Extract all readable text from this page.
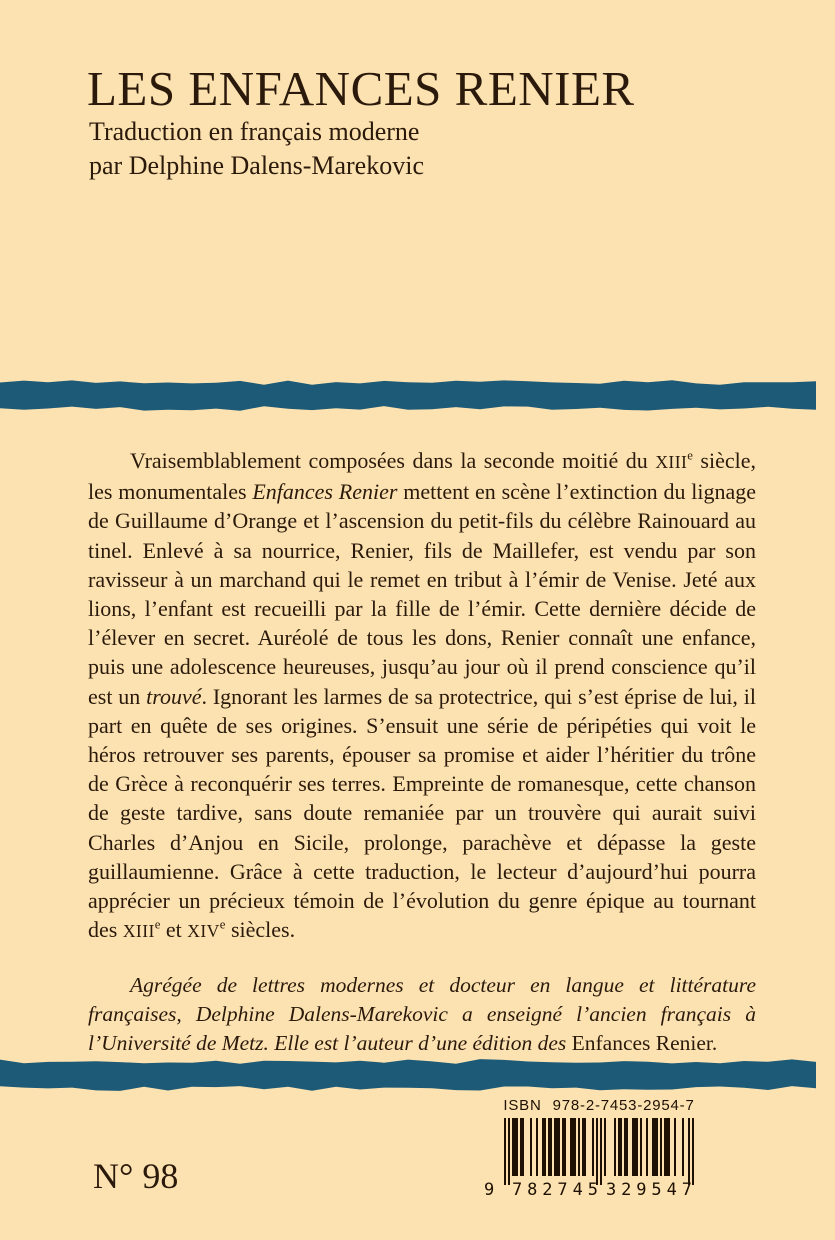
LES ENFANCES RENIER
Traduction en français moderne
par Delphine Dalens-Marekovic

Vraisemblablement composées dans la seconde moitié du XIIIe siècle, les monumentales Enfances Renier mettent en scène l’extinction du lignage de Guillaume d’Orange et l’ascension du petit-fils du célèbre Rainouard au tinel. Enlevé à sa nourrice, Renier, fils de Maillefer, est vendu par son ravisseur à un marchand qui le remet en tribut à l’émir de Venise. Jeté aux lions, l’enfant est recueilli par la fille de l’émir. Cette dernière décide de l’élever en secret. Auréolé de tous les dons, Renier connaît une enfance, puis une adolescence heureuses, jusqu’au jour où il prend conscience qu’il est un trouvé. Ignorant les larmes de sa protectrice, qui s’est éprise de lui, il part en quête de ses origines. S’ensuit une série de péripéties qui voit le héros retrouver ses parents, épouser sa promise et aider l’héritier du trône de Grèce à reconquérir ses terres. Empreinte de romanesque, cette chanson de geste tardive, sans doute remaniée par un trouvère qui aurait suivi Charles d’Anjou en Sicile, prolonge, parachève et dépasse la geste guillaumienne. Grâce à cette traduction, le lecteur d’aujourd’hui pourra apprécier un précieux témoin de l’évolution du genre épique au tournant des XIIIe et XIVe siècles.

Agrégée de lettres modernes et docteur en langue et littérature françaises, Delphine Dalens-Marekovic a enseigné l’ancien français à l’Université de Metz. Elle est l’auteur d’une édition des Enfances Renier.

N° 98
ISBN 978-2-7453-2954-7
9 7 8 2 7 4 5 3 2 9 5 4 7
